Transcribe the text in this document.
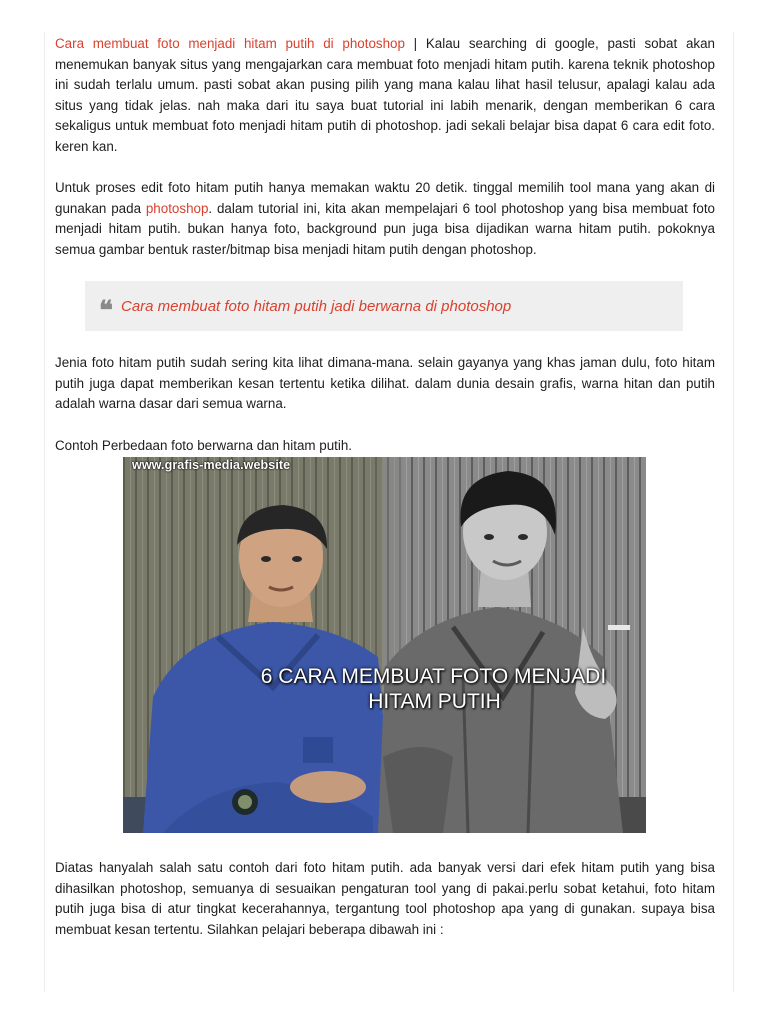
Cara membuat foto menjadi hitam putih di photoshop | Kalau searching di google, pasti sobat akan menemukan banyak situs yang mengajarkan cara membuat foto menjadi hitam putih. karena teknik photoshop ini sudah terlalu umum. pasti sobat akan pusing pilih yang mana kalau lihat hasil telusur, apalagi kalau ada situs yang tidak jelas. nah maka dari itu saya buat tutorial ini labih menarik, dengan memberikan 6 cara sekaligus untuk membuat foto menjadi hitam putih di photoshop. jadi sekali belajar bisa dapat 6 cara edit foto. keren kan.

Untuk proses edit foto hitam putih hanya memakan waktu 20 detik. tinggal memilih tool mana yang akan di gunakan pada photoshop. dalam tutorial ini, kita akan mempelajari 6 tool photoshop yang bisa membuat foto menjadi hitam putih. bukan hanya foto, background pun juga bisa dijadikan warna hitam putih. pokoknya semua gambar bentuk raster/bitmap bisa menjadi hitam putih dengan photoshop.

❝ Cara membuat foto hitam putih jadi berwarna di photoshop

Jenia foto hitam putih sudah sering kita lihat dimana-mana. selain gayanya yang khas jaman dulu, foto hitam putih juga dapat memberikan kesan tertentu ketika dilihat. dalam dunia desain grafis, warna hitan dan putih adalah warna dasar dari semua warna.

Contoh Perbedaan foto berwarna dan hitam putih.

www.grafis-media.website
6 CARA MEMBUAT FOTO MENJADI
HITAM PUTIH

Diatas hanyalah salah satu contoh dari foto hitam putih. ada banyak versi dari efek hitam putih yang bisa dihasilkan photoshop, semuanya di sesuaikan pengaturan tool yang di pakai.perlu sobat ketahui, foto hitam putih juga bisa di atur tingkat kecerahannya, tergantung tool photoshop apa yang di gunakan. supaya bisa membuat kesan tertentu. Silahkan pelajari beberapa dibawah ini :
